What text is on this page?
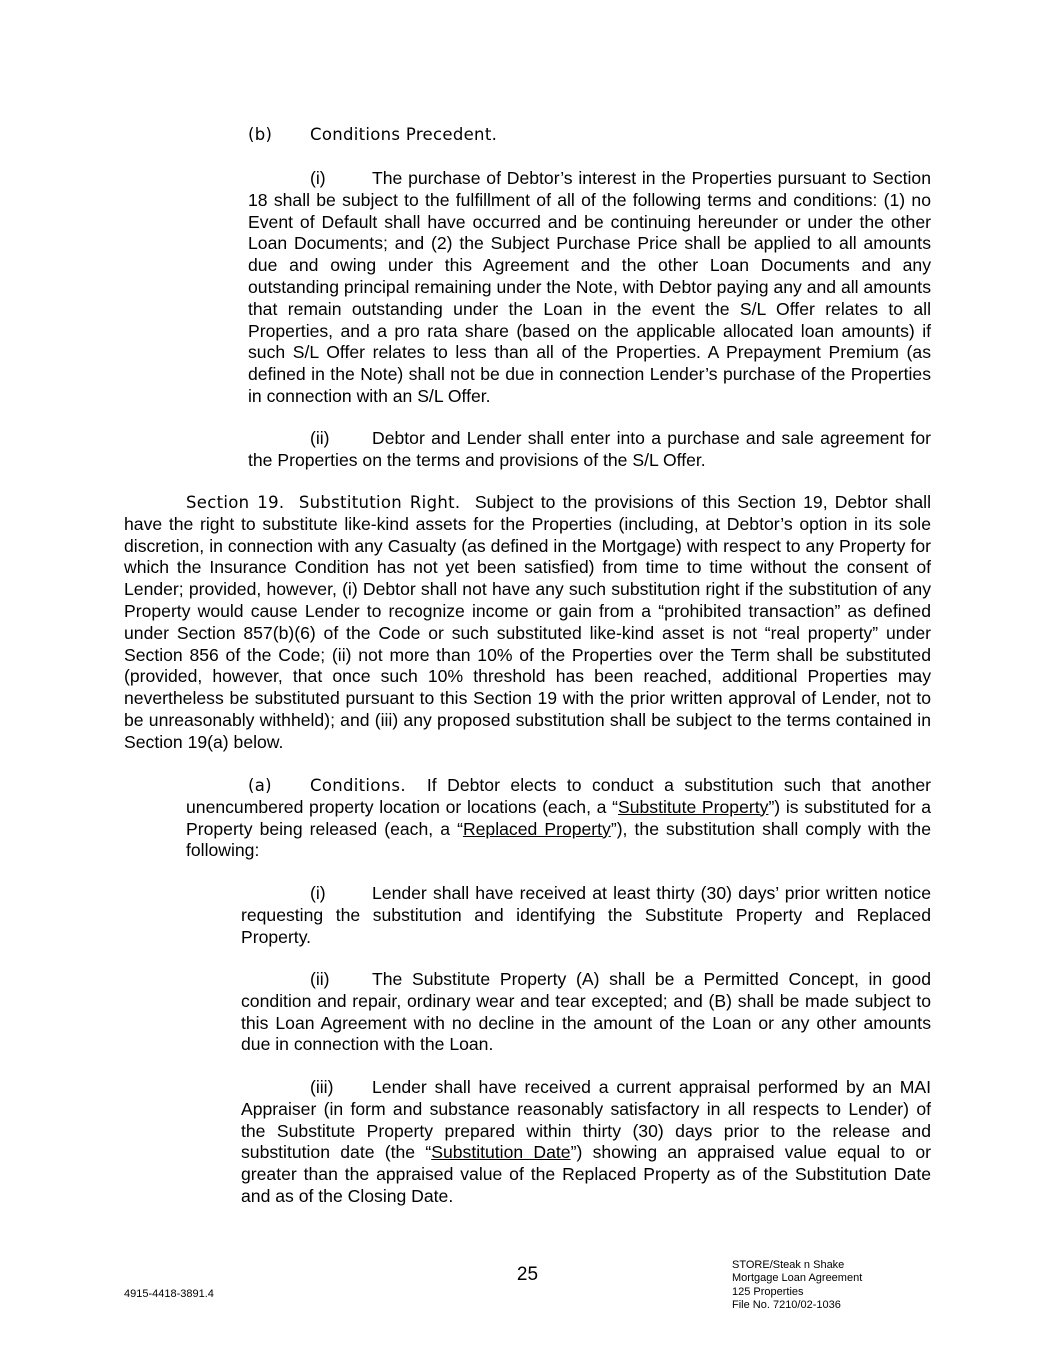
(b) Conditions Precedent.

(i)	The purchase of Debtor’s interest in the Properties pursuant to Section 18 shall be subject to the fulfillment of all of the following terms and conditions: (1) no Event of Default shall have occurred and be continuing hereunder or under the other Loan Documents; and (2) the Subject Purchase Price shall be applied to all amounts due and owing under this Agreement and the other Loan Documents and any outstanding principal remaining under the Note, with Debtor paying any and all amounts that remain outstanding under the Loan in the event the S/L Offer relates to all Properties, and a pro rata share (based on the applicable allocated loan amounts) if such S/L Offer relates to less than all of the Properties. A Prepayment Premium (as defined in the Note) shall not be due in connection Lender’s purchase of the Properties in connection with an S/L Offer.

(ii) Debtor and Lender shall enter into a purchase and sale agreement for the Properties on the terms and provisions of the S/L Offer.

Section 19. Substitution Right. Subject to the provisions of this Section 19, Debtor shall have the right to substitute like-kind assets for the Properties (including, at Debtor’s option in its sole discretion, in connection with any Casualty (as defined in the Mortgage) with respect to any Property for which the Insurance Condition has not yet been satisfied) from time to time without the consent of Lender; provided, however, (i) Debtor shall not have any such substitution right if the substitution of any Property would cause Lender to recognize income or gain from a “prohibited transaction” as defined under Section 857(b)(6) of the Code or such substituted like-kind asset is not “real property” under Section 856 of the Code; (ii) not more than 10% of the Properties over the Term shall be substituted (provided, however, that once such 10% threshold has been reached, additional Properties may nevertheless be substituted pursuant to this Section 19 with the prior written approval of Lender, not to be unreasonably withheld); and (iii) any proposed substitution shall be subject to the terms contained in Section 19(a) below.

(a) Conditions. If Debtor elects to conduct a substitution such that another unencumbered property location or locations (each, a “Substitute Property”) is substituted for a Property being released (each, a “Replaced Property”), the substitution shall comply with the following:

(i)	Lender shall have received at least thirty (30) days’ prior written notice requesting the substitution and identifying the Substitute Property and Replaced Property.

(ii) The Substitute Property (A) shall be a Permitted Concept, in good condition and repair, ordinary wear and tear excepted; and (B) shall be made subject to this Loan Agreement with no decline in the amount of the Loan or any other amounts due in connection with the Loan.

(iii) Lender shall have received a current appraisal performed by an MAI Appraiser (in form and substance reasonably satisfactory in all respects to Lender) of the Substitute Property prepared within thirty (30) days prior to the release and substitution date (the “Substitution Date”) showing an appraised value equal to or greater than the appraised value of the Replaced Property as of the Substitution Date and as of the Closing Date.

25
4915-4418-3891.4
STORE/Steak n Shake
Mortgage Loan Agreement
125 Properties
File No. 7210/02-1036
